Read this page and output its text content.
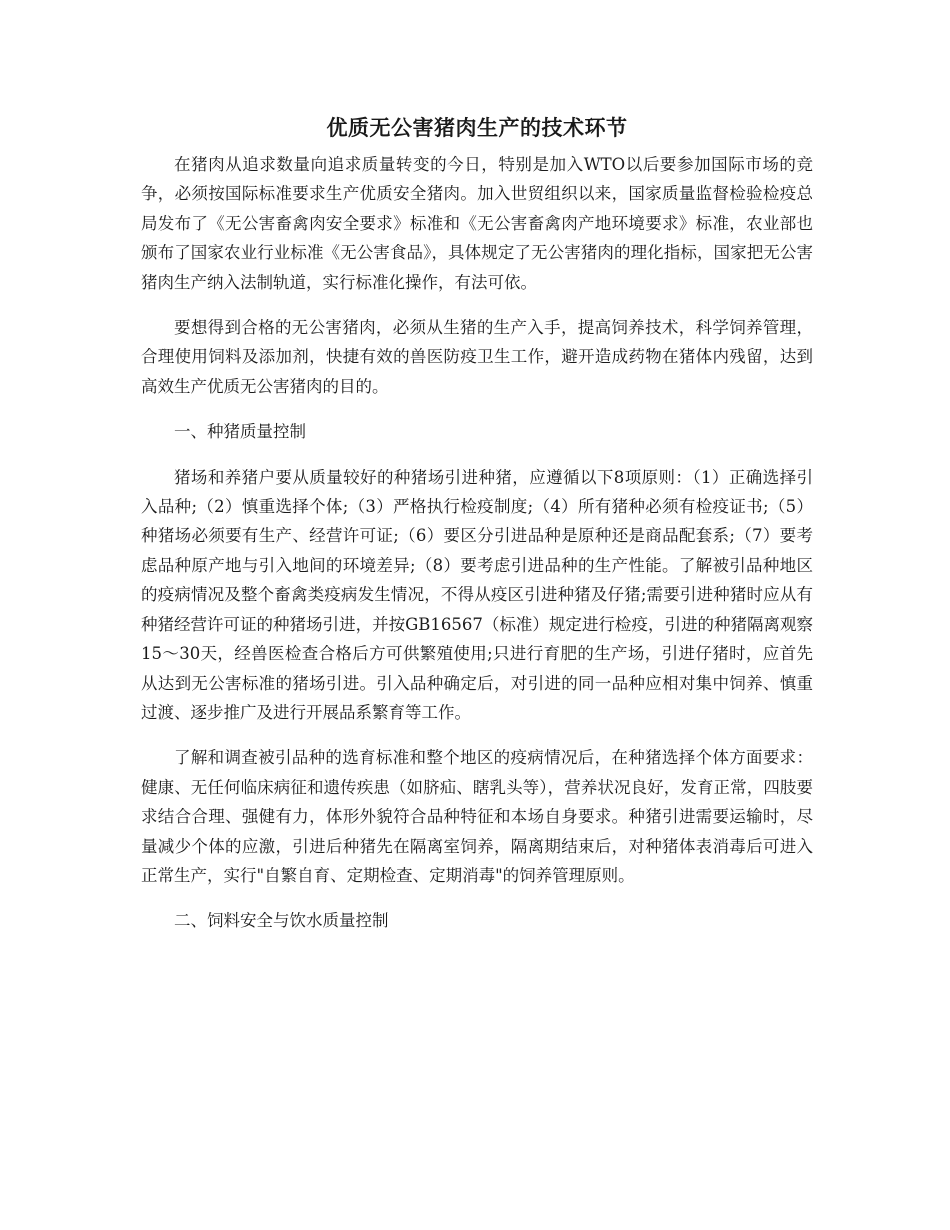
优质无公害猪肉生产的技术环节

在猪肉从追求数量向追求质量转变的今日，特别是加入WTO以后要参加国际市场的竞争，必须按国际标准要求生产优质安全猪肉。加入世贸组织以来，国家质量监督检验检疫总局发布了《无公害畜禽肉安全要求》标准和《无公害畜禽肉产地环境要求》标准，农业部也颁布了国家农业行业标准《无公害食品》，具体规定了无公害猪肉的理化指标，国家把无公害猪肉生产纳入法制轨道，实行标准化操作，有法可依。

要想得到合格的无公害猪肉，必须从生猪的生产入手，提高饲养技术，科学饲养管理，合理使用饲料及添加剂，快捷有效的兽医防疫卫生工作，避开造成药物在猪体内残留，达到高效生产优质无公害猪肉的目的。

一、种猪质量控制

猪场和养猪户要从质量较好的种猪场引进种猪，应遵循以下8项原则：（1）正确选择引入品种;（2）慎重选择个体;（3）严格执行检疫制度;（4）所有猪种必须有检疫证书;（5）种猪场必须要有生产、经营许可证;（6）要区分引进品种是原种还是商品配套系;（7）要考虑品种原产地与引入地间的环境差异;（8）要考虑引进品种的生产性能。了解被引品种地区的疫病情况及整个畜禽类疫病发生情况，不得从疫区引进种猪及仔猪;需要引进种猪时应从有种猪经营许可证的种猪场引进，并按GB16567（标准）规定进行检疫，引进的种猪隔离观察15～30天，经兽医检查合格后方可供繁殖使用;只进行育肥的生产场，引进仔猪时，应首先从达到无公害标准的猪场引进。引入品种确定后，对引进的同一品种应相对集中饲养、慎重过渡、逐步推广及进行开展品系繁育等工作。

了解和调查被引品种的选育标准和整个地区的疫病情况后，在种猪选择个体方面要求：健康、无任何临床病征和遗传疾患（如脐疝、瞎乳头等），营养状况良好，发育正常，四肢要求结合合理、强健有力，体形外貌符合品种特征和本场自身要求。种猪引进需要运输时，尽量减少个体的应激，引进后种猪先在隔离室饲养，隔离期结束后，对种猪体表消毒后可进入正常生产，实行"自繁自育、定期检查、定期消毒"的饲养管理原则。

二、饲料安全与饮水质量控制
